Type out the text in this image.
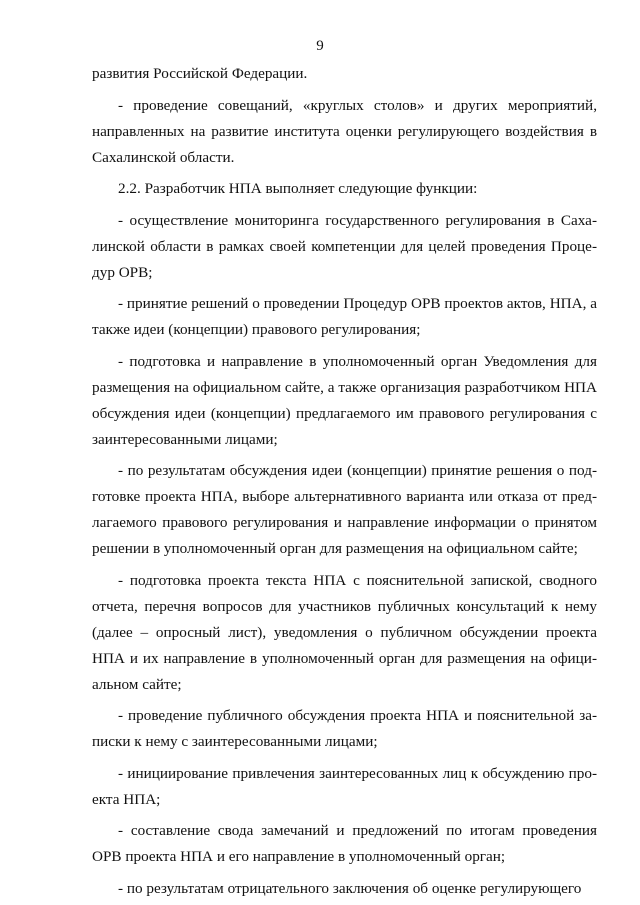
9

развития Российской Федерации.

- проведение совещаний, «круглых столов» и других мероприятий, направленных на развитие института оценки регулирующего воздействия в Сахалинской области.

2.2. Разработчик НПА выполняет следующие функции:

- осуществление мониторинга государственного регулирования в Сахалинской области в рамках своей компетенции для целей проведения Процедур ОРВ;

- принятие решений о проведении Процедур ОРВ проектов актов, НПА, а также идеи (концепции) правового регулирования;

- подготовка и направление в уполномоченный орган Уведомления для размещения на официальном сайте, а также организация разработчиком НПА обсуждения идеи (концепции) предлагаемого им правового регулирования с заинтересованными лицами;

- по результатам обсуждения идеи (концепции) принятие решения о подготовке проекта НПА, выборе альтернативного варианта или отказа от предлагаемого правового регулирования и направление информации о принятом решении в уполномоченный орган для размещения на официальном сайте;

- подготовка проекта текста НПА с пояснительной запиской, сводного отчета, перечня вопросов для участников публичных консультаций к нему (далее – опросный лист), уведомления о публичном обсуждении проекта НПА и их направление в уполномоченный орган для размещения на официальном сайте;

- проведение публичного обсуждения проекта НПА и пояснительной записки к нему с заинтересованными лицами;

- инициирование привлечения заинтересованных лиц к обсуждению проекта НПА;

- составление свода замечаний и предложений по итогам проведения ОРВ проекта НПА и его направление в уполномоченный орган;

- по результатам отрицательного заключения об оценке регулирующего
